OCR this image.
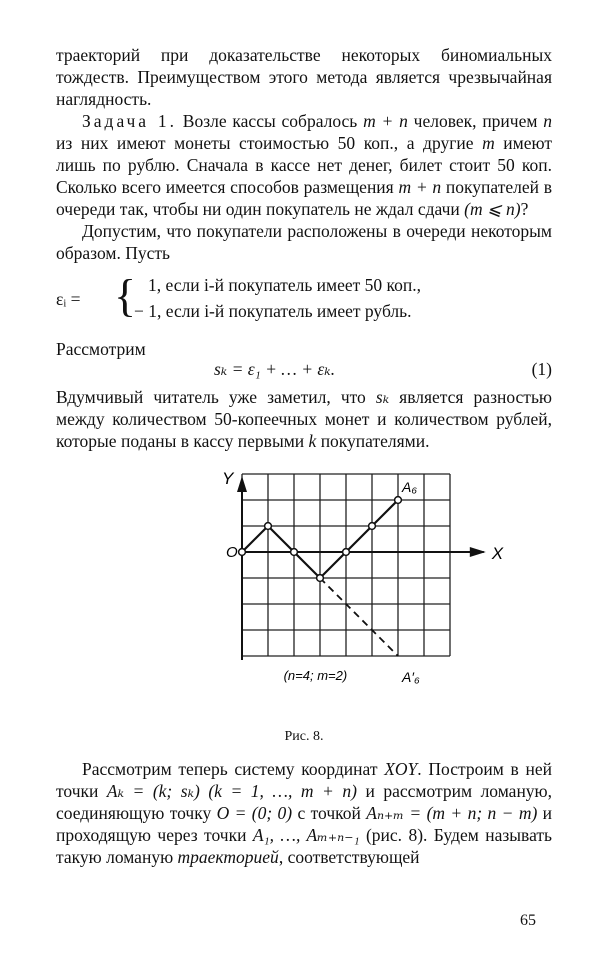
траекторий при доказательстве некоторых биномиальных тождеств. Преимуществом этого метода является чрезвычайная наглядность.

Задача 1. Возле кассы собралось m + n человек, причем n из них имеют монеты стоимостью 50 коп., а другие m имеют лишь по рублю. Сначала в кассе нет денег, билет стоит 50 коп. Сколько всего имеется способов размещения m + n покупателей в очереди так, чтобы ни один покупатель не ждал сдачи (m ⩽ n)?

Допустим, что покупатели расположены в очереди некоторым образом. Пусть

εᵢ = { 1, если i-й покупатель имеет 50 коп.,
− 1, если i-й покупатель имеет рубль.
Рассмотрим
sₖ = ε₁ + … + εₖ.	(1)

Вдумчивый читатель уже заметил, что sₖ является разностью между количеством 50-копеечных монет и количеством рублей, которые поданы в кассу первыми k покупателями.

Y
X
O
A₆
A′₆
(n=4; m=2)
Рис. 8.

Рассмотрим теперь систему координат XOY. Построим в ней точки Aₖ = (k; sₖ) (k = 1, …, m + n) и рассмотрим ломаную, соединяющую точку O = (0; 0) с точкой Aₙ₊ₘ = (m + n; n − m) и проходящую через точки A₁, …, Aₘ₊ₙ₋₁ (рис. 8). Будем называть такую ломаную траекторией, соответствующей

65
